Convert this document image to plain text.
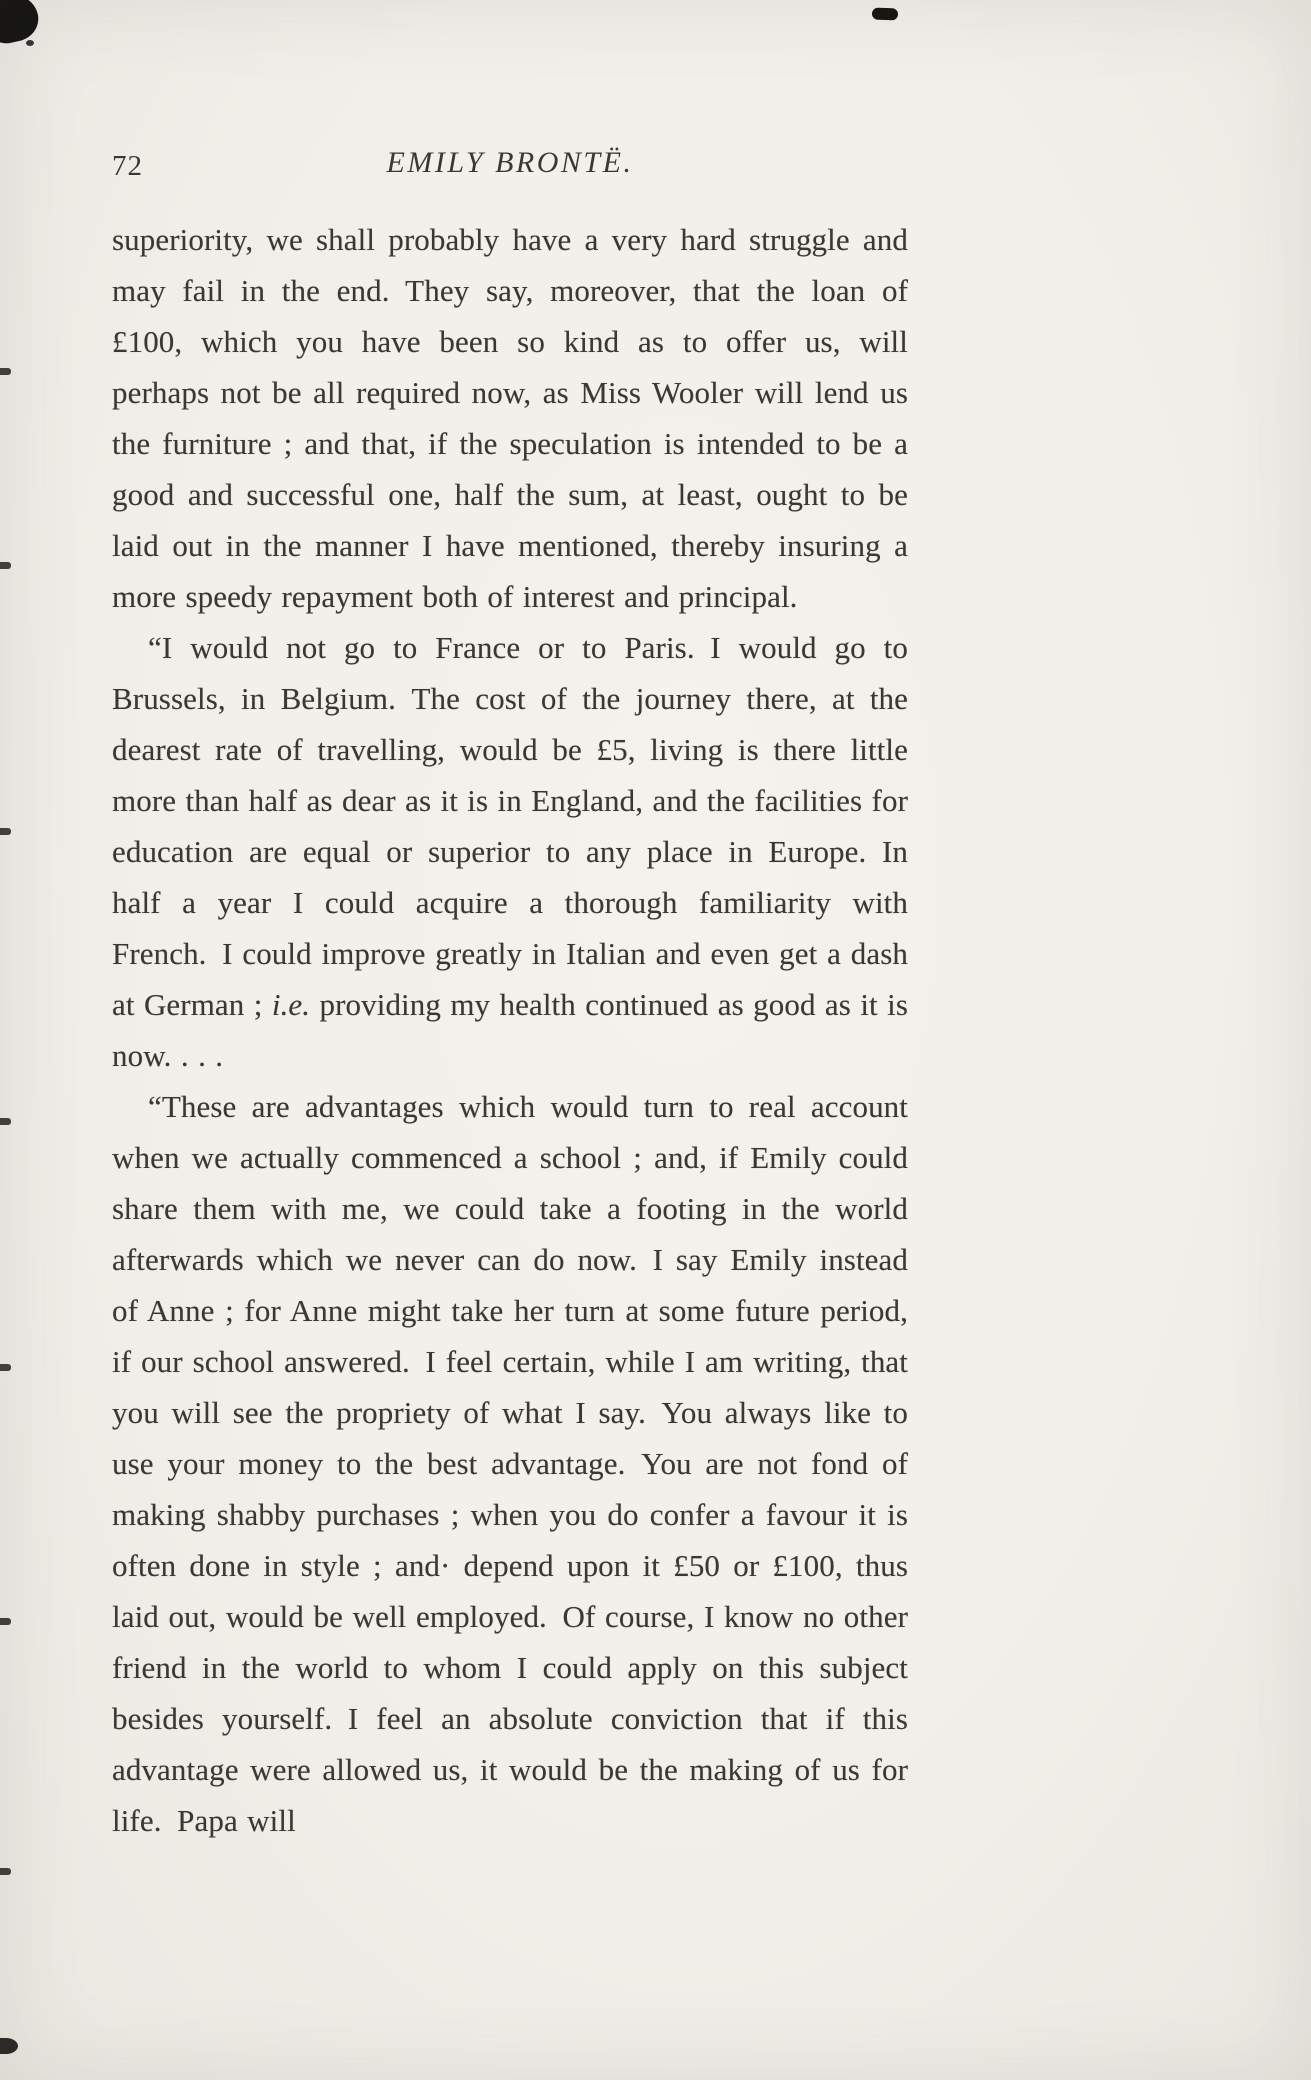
72	EMILY BRONTË.

superiority, we shall probably have a very hard struggle and may fail in the end. They say, moreover, that the loan of £100, which you have been so kind as to offer us, will perhaps not be all required now, as Miss Wooler will lend us the furniture ; and that, if the speculation is intended to be a good and successful one, half the sum, at least, ought to be laid out in the manner I have mentioned, thereby insuring a more speedy repayment both of interest and principal.

“I would not go to France or to Paris. I would go to Brussels, in Belgium. The cost of the journey there, at the dearest rate of travelling, would be £5, living is there little more than half as dear as it is in England, and the facilities for education are equal or superior to any place in Europe. In half a year I could acquire a thorough familiarity with French. I could improve greatly in Italian and even get a dash at German ; i.e. providing my health continued as good as it is now. . . .

“These are advantages which would turn to real account when we actually commenced a school ; and, if Emily could share them with me, we could take a footing in the world afterwards which we never can do now. I say Emily instead of Anne ; for Anne might take her turn at some future period, if our school answered. I feel certain, while I am writing, that you will see the propriety of what I say. You always like to use your money to the best advantage. You are not fond of making shabby purchases ; when you do confer a favour it is often done in style ; and· depend upon it £50 or £100, thus laid out, would be well employed. Of course, I know no other friend in the world to whom I could apply on this subject besides yourself. I feel an absolute conviction that if this advantage were allowed us, it would be the making of us for life. Papa will
